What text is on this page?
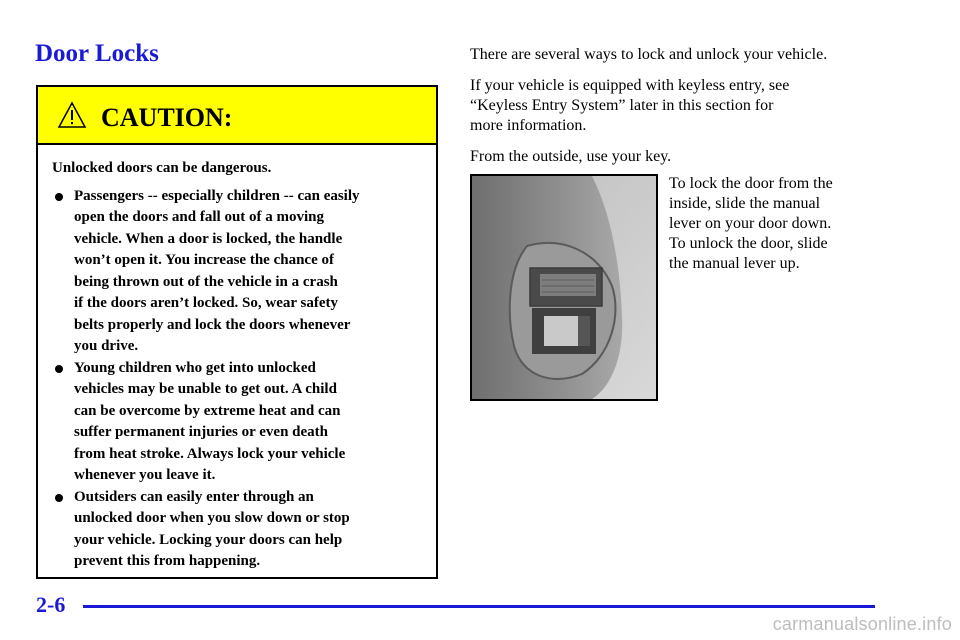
Door Locks
CAUTION:
Unlocked doors can be dangerous.
Passengers -- especially children -- can easily
open the doors and fall out of a moving
vehicle. When a door is locked, the handle
won’t open it. You increase the chance of
being thrown out of the vehicle in a crash
if the doors aren’t locked. So, wear safety
belts properly and lock the doors whenever
you drive.
Young children who get into unlocked
vehicles may be unable to get out. A child
can be overcome by extreme heat and can
suffer permanent injuries or even death
from heat stroke. Always lock your vehicle
whenever you leave it.
Outsiders can easily enter through an
unlocked door when you slow down or stop
your vehicle. Locking your doors can help
prevent this from happening.
There are several ways to lock and unlock your vehicle.
If your vehicle is equipped with keyless entry, see
“Keyless Entry System” later in this section for
more information.
From the outside, use your key.
To lock the door from the
inside, slide the manual
lever on your door down.
To unlock the door, slide
the manual lever up.
2-6
carmanualsonline.info
